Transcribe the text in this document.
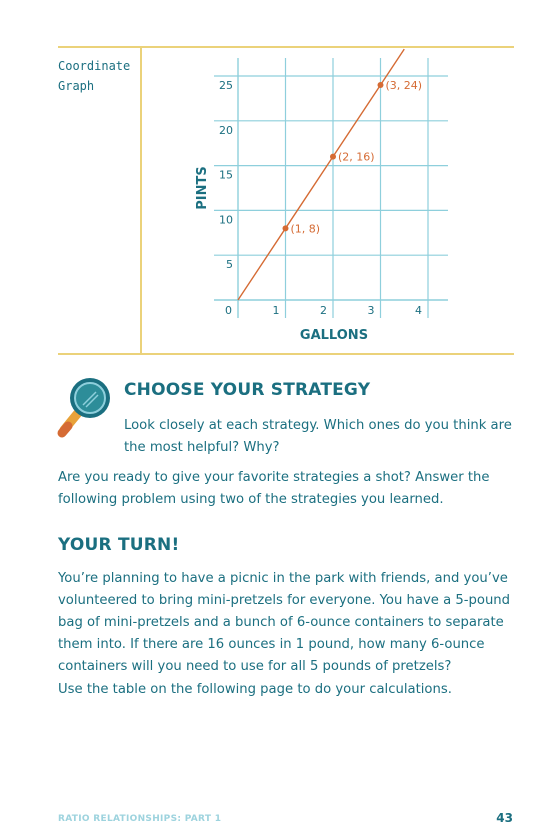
Coordinate Graph
1	2	3	4
0
5
10
15
20
25
(1, 8)
(2, 16)
(3, 24)
GALLONS
PINTS
CHOOSE YOUR STRATEGY

Look closely at each strategy. Which ones do you think are the most helpful? Why?

Are you ready to give your favorite strategies a shot? Answer the following problem using two of the strategies you learned.

YOUR TURN!

You’re planning to have a picnic in the park with friends, and you’ve volunteered to bring mini-pretzels for everyone. You have a 5-pound bag of mini-pretzels and a bunch of 6-ounce containers to separate them into. If there are 16 ounces in 1 pound, how many 6-ounce containers will you need to use for all 5 pounds of pretzels?

Use the table on the following page to do your calculations.

RATIO RELATIONSHIPS: PART 1	43
